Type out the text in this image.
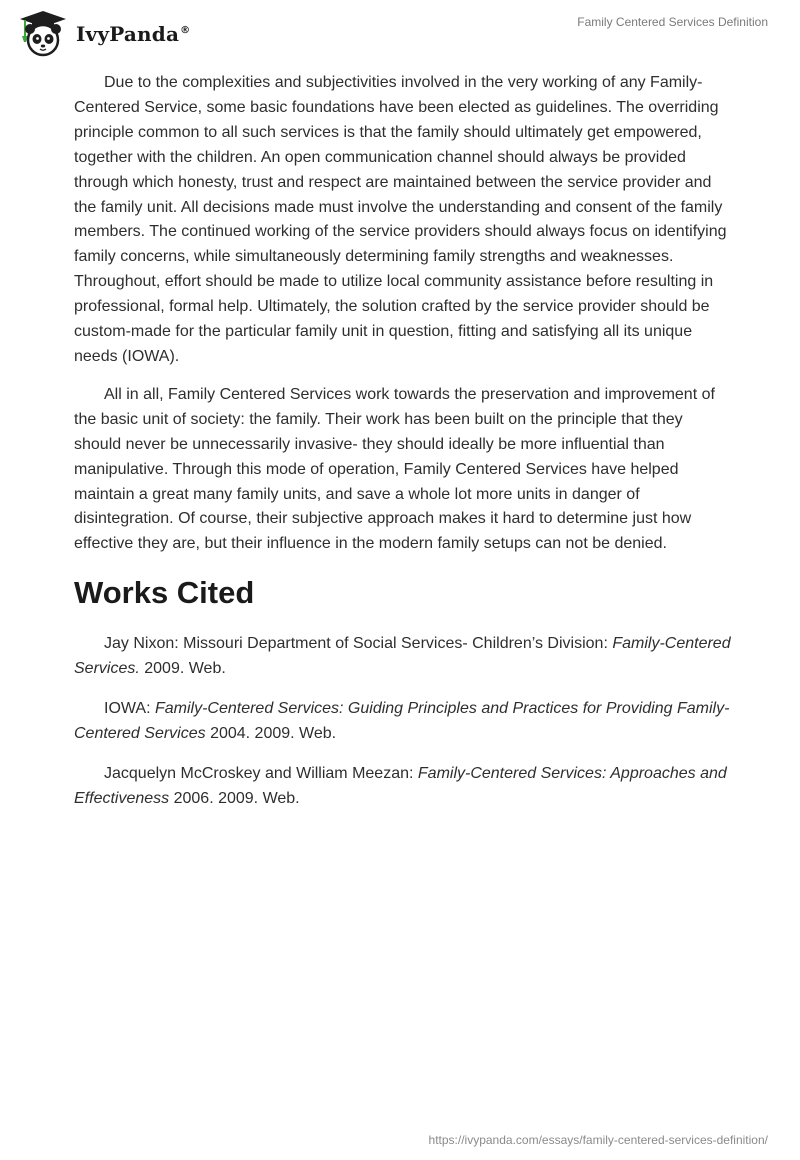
IvyPanda®
Family Centered Services Definition

Due to the complexities and subjectivities involved in the very working of any Family-Centered Service, some basic foundations have been elected as guidelines. The overriding principle common to all such services is that the family should ultimately get empowered, together with the children. An open communication channel should always be provided through which honesty, trust and respect are maintained between the service provider and the family unit. All decisions made must involve the understanding and consent of the family members. The continued working of the service providers should always focus on identifying family concerns, while simultaneously determining family strengths and weaknesses. Throughout, effort should be made to utilize local community assistance before resulting in professional, formal help. Ultimately, the solution crafted by the service provider should be custom-made for the particular family unit in question, fitting and satisfying all its unique needs (IOWA).

All in all, Family Centered Services work towards the preservation and improvement of the basic unit of society: the family. Their work has been built on the principle that they should never be unnecessarily invasive- they should ideally be more influential than manipulative. Through this mode of operation, Family Centered Services have helped maintain a great many family units, and save a whole lot more units in danger of disintegration. Of course, their subjective approach makes it hard to determine just how effective they are, but their influence in the modern family setups can not be denied.

Works Cited

Jay Nixon: Missouri Department of Social Services- Children’s Division: Family-Centered Services. 2009. Web.

IOWA: Family-Centered Services: Guiding Principles and Practices for Providing Family-Centered Services 2004. 2009. Web.

Jacquelyn McCroskey and William Meezan: Family-Centered Services: Approaches and Effectiveness 2006. 2009. Web.

https://ivypanda.com/essays/family-centered-services-definition/
